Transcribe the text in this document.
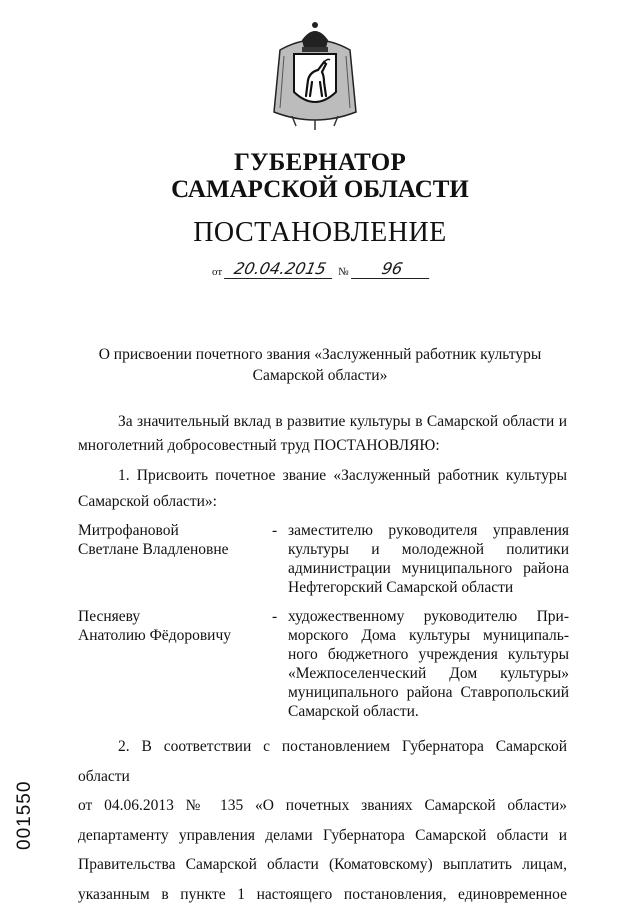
ГУБЕРНАТОР
САМАРСКОЙ ОБЛАСТИ
ПОСТАНОВЛЕНИЕ
от 20.04.2015 №	96
О присвоении почетного звания «Заслуженный работник культуры
Самарской области»
За значительный вклад в развитие культуры в Самарской области и
многолетний добросовестный труд ПОСТАНОВЛЯЮ:
1. Присвоить почетное звание «Заслуженный работник культуры
Самарской области»:
Митрофановой
Светлане Владленовне
- заместителю руководителя управления
культуры и молодежной политики
администрации муниципального района
Нефтегорский Самарской области
Песняеву
Анатолию Фёдоровичу
- художественному руководителю При-
морского Дома культуры муниципаль-
ного бюджетного учреждения культуры
«Межпоселенческий Дом культуры»
муниципального района Ставропольский
Самарской области.
2. В соответствии с постановлением Губернатора Самарской области
от 04.06.2013 № 135 «О почетных званиях Самарской области»
департаменту управления делами Губернатора Самарской области и
Правительства Самарской области (Коматовскому) выплатить лицам,
указанным в пункте 1 настоящего постановления, единовременное
001550
